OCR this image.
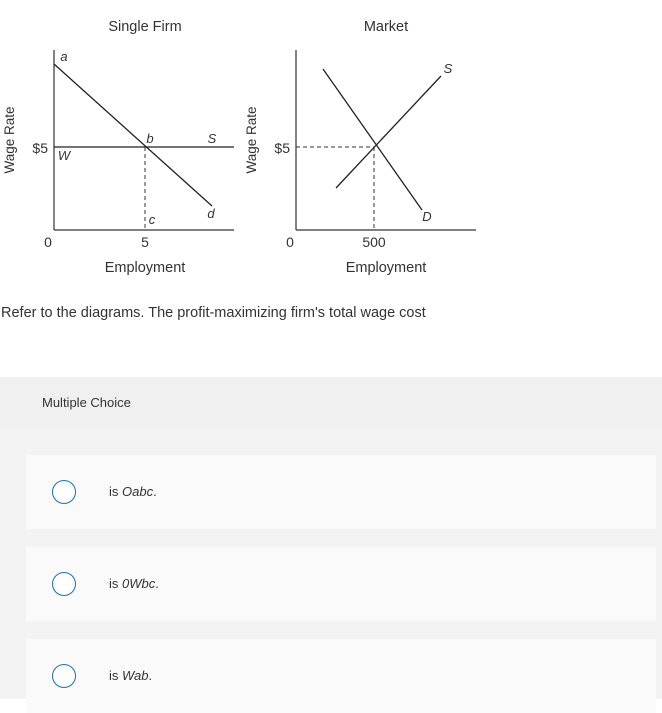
Single Firm
Wage Rate
Employment
$5
0	5
a
b
c
W
d
S
Market
Wage Rate
Employment
$5
0	500
S
D
Refer to the diagrams. The profit-maximizing firm's total wage cost
Multiple Choice
is Oabc.
is 0Wbc.
is Wab.
